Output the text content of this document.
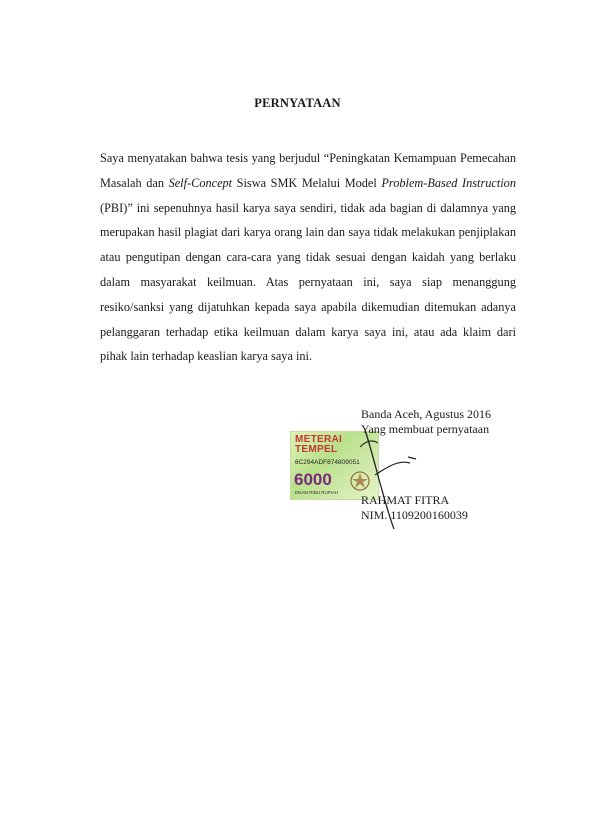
PERNYATAAN

Saya menyatakan bahwa tesis yang berjudul “Peningkatan Kemampuan Pemecahan Masalah dan Self-Concept Siswa SMK Melalui Model Problem-Based Instruction (PBI)” ini sepenuhnya hasil karya saya sendiri, tidak ada bagian di dalamnya yang merupakan hasil plagiat dari karya orang lain dan saya tidak melakukan penjiplakan atau pengutipan dengan cara-cara yang tidak sesuai dengan kaidah yang berlaku dalam masyarakat keilmuan. Atas pernyataan ini, saya siap menanggung resiko/sanksi yang dijatuhkan kepada saya apabila dikemudian ditemukan adanya pelanggaran terhadap etika keilmuan dalam karya saya ini, atau ada klaim dari pihak lain terhadap keaslian karya saya ini.

METERAI
TEMPEL
6C294ADF874809051
6000
ENAM RIBU RUPIAH
Banda Aceh, Agustus 2016
Yang membuat pernyataan
RAHMAT FITRA
NIM. 1109200160039
